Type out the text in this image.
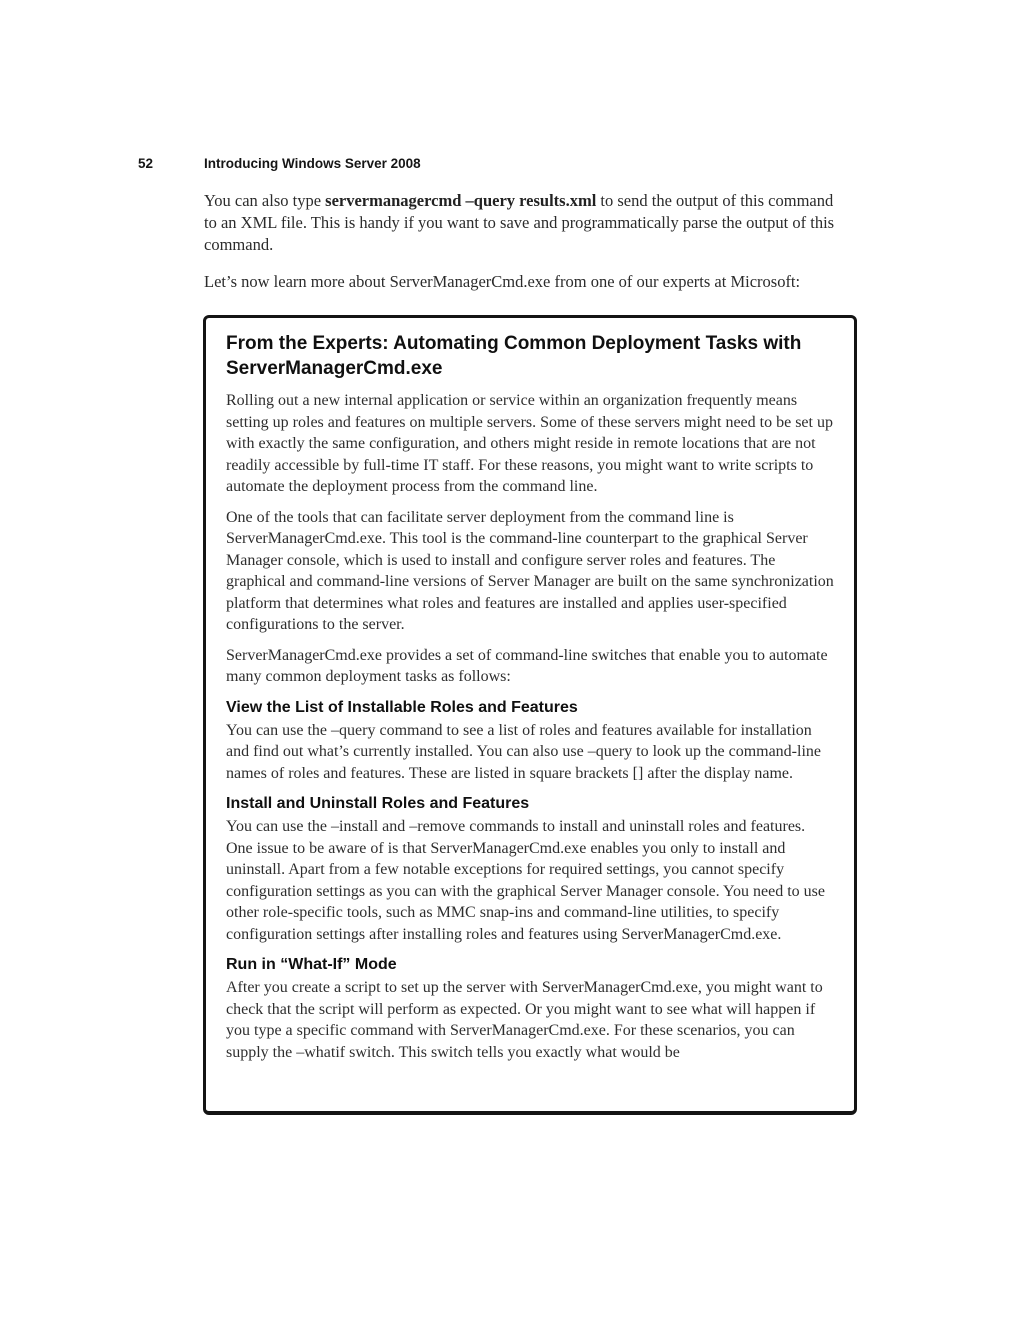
52	Introducing Windows Server 2008

You can also type servermanagercmd –query results.xml to send the output of this command to an XML file. This is handy if you want to save and programmatically parse the output of this command.

Let’s now learn more about ServerManagerCmd.exe from one of our experts at Microsoft:

From the Experts: Automating Common Deployment Tasks with ServerManagerCmd.exe

Rolling out a new internal application or service within an organization frequently means setting up roles and features on multiple servers. Some of these servers might need to be set up with exactly the same configuration, and others might reside in remote locations that are not readily accessible by full-time IT staff. For these reasons, you might want to write scripts to automate the deployment process from the command line.

One of the tools that can facilitate server deployment from the command line is ServerManagerCmd.exe. This tool is the command-line counterpart to the graphical Server Manager console, which is used to install and configure server roles and features. The graphical and command-line versions of Server Manager are built on the same synchronization platform that determines what roles and features are installed and applies user-specified configurations to the server.

ServerManagerCmd.exe provides a set of command-line switches that enable you to automate many common deployment tasks as follows:

View the List of Installable Roles and Features

You can use the –query command to see a list of roles and features available for installation and find out what’s currently installed. You can also use –query to look up the command-line names of roles and features. These are listed in square brackets [] after the display name.

Install and Uninstall Roles and Features

You can use the –install and –remove commands to install and uninstall roles and features. One issue to be aware of is that ServerManagerCmd.exe enables you only to install and uninstall. Apart from a few notable exceptions for required settings, you cannot specify configuration settings as you can with the graphical Server Manager console. You need to use other role-specific tools, such as MMC snap-ins and command-line utilities, to specify configuration settings after installing roles and features using ServerManagerCmd.exe.

Run in “What-If” Mode

After you create a script to set up the server with ServerManagerCmd.exe, you might want to check that the script will perform as expected. Or you might want to see what will happen if you type a specific command with ServerManagerCmd.exe. For these scenarios, you can supply the –whatif switch. This switch tells you exactly what would be
